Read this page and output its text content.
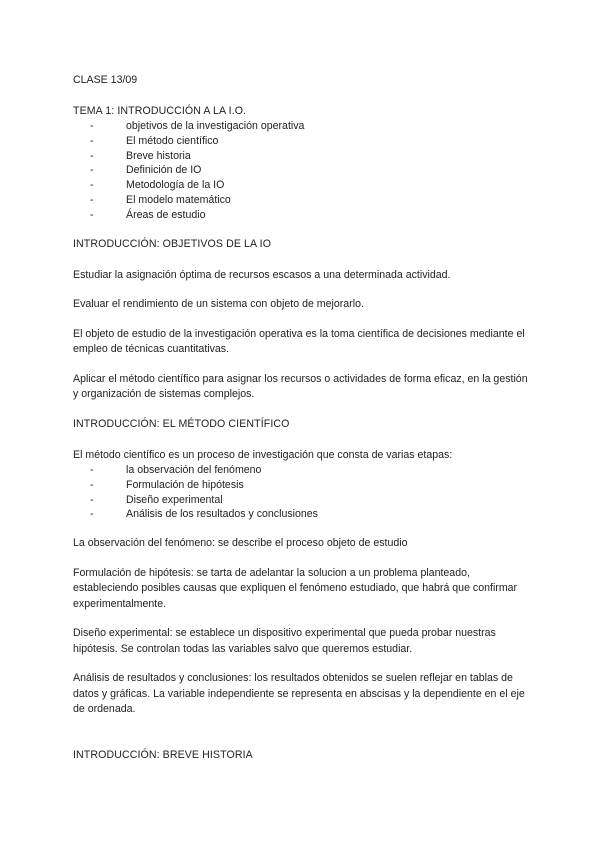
CLASE 13/09

TEMA 1: INTRODUCCIÓN A LA I.O.

-	objetivos de la investigación operativa
-	El método científico
-	Breve historia
-	Definición de IO
-	Metodología de la IO
-	El modelo matemático
-	Áreas de estudio

INTRODUCCIÓN: OBJETIVOS DE LA IO

Estudiar la asignación óptima de recursos escasos a una determinada actividad.

Evaluar el rendimiento de un sistema con objeto de mejorarlo.

El objeto de estudio de la investigación operativa es la toma científica de decisiones mediante el empleo de técnicas cuantitativas.

Aplicar el método científico para asignar los recursos o actividades de forma eficaz, en la gestión y organización de sistemas complejos.

INTRODUCCIÓN: EL MÉTODO CIENTÍFICO

El método científico es un proceso de investigación que consta de varias etapas:

-	la observación del fenómeno
-	Formulación de hipótesis
-	Diseño experimental
-	Análisis de los resultados y conclusiones

La observación del fenómeno: se describe el proceso objeto de estudio

Formulación de hipótesis: se tarta de adelantar la solucion a un problema planteado, estableciendo posibles causas que expliquen el fenómeno estudiado, que habrá que confirmar experimentalmente.

Diseño experimental: se establece un dispositivo experimental que pueda probar nuestras hipótesis. Se controlan todas las variables salvo que queremos estudiar.

Análisis de resultados y conclusiones: los resultados obtenidos se suelen reflejar en tablas de datos y gráficas. La variable independiente se representa en abscisas y la dependiente en el eje de ordenada.

INTRODUCCIÓN: BREVE HISTORIA
